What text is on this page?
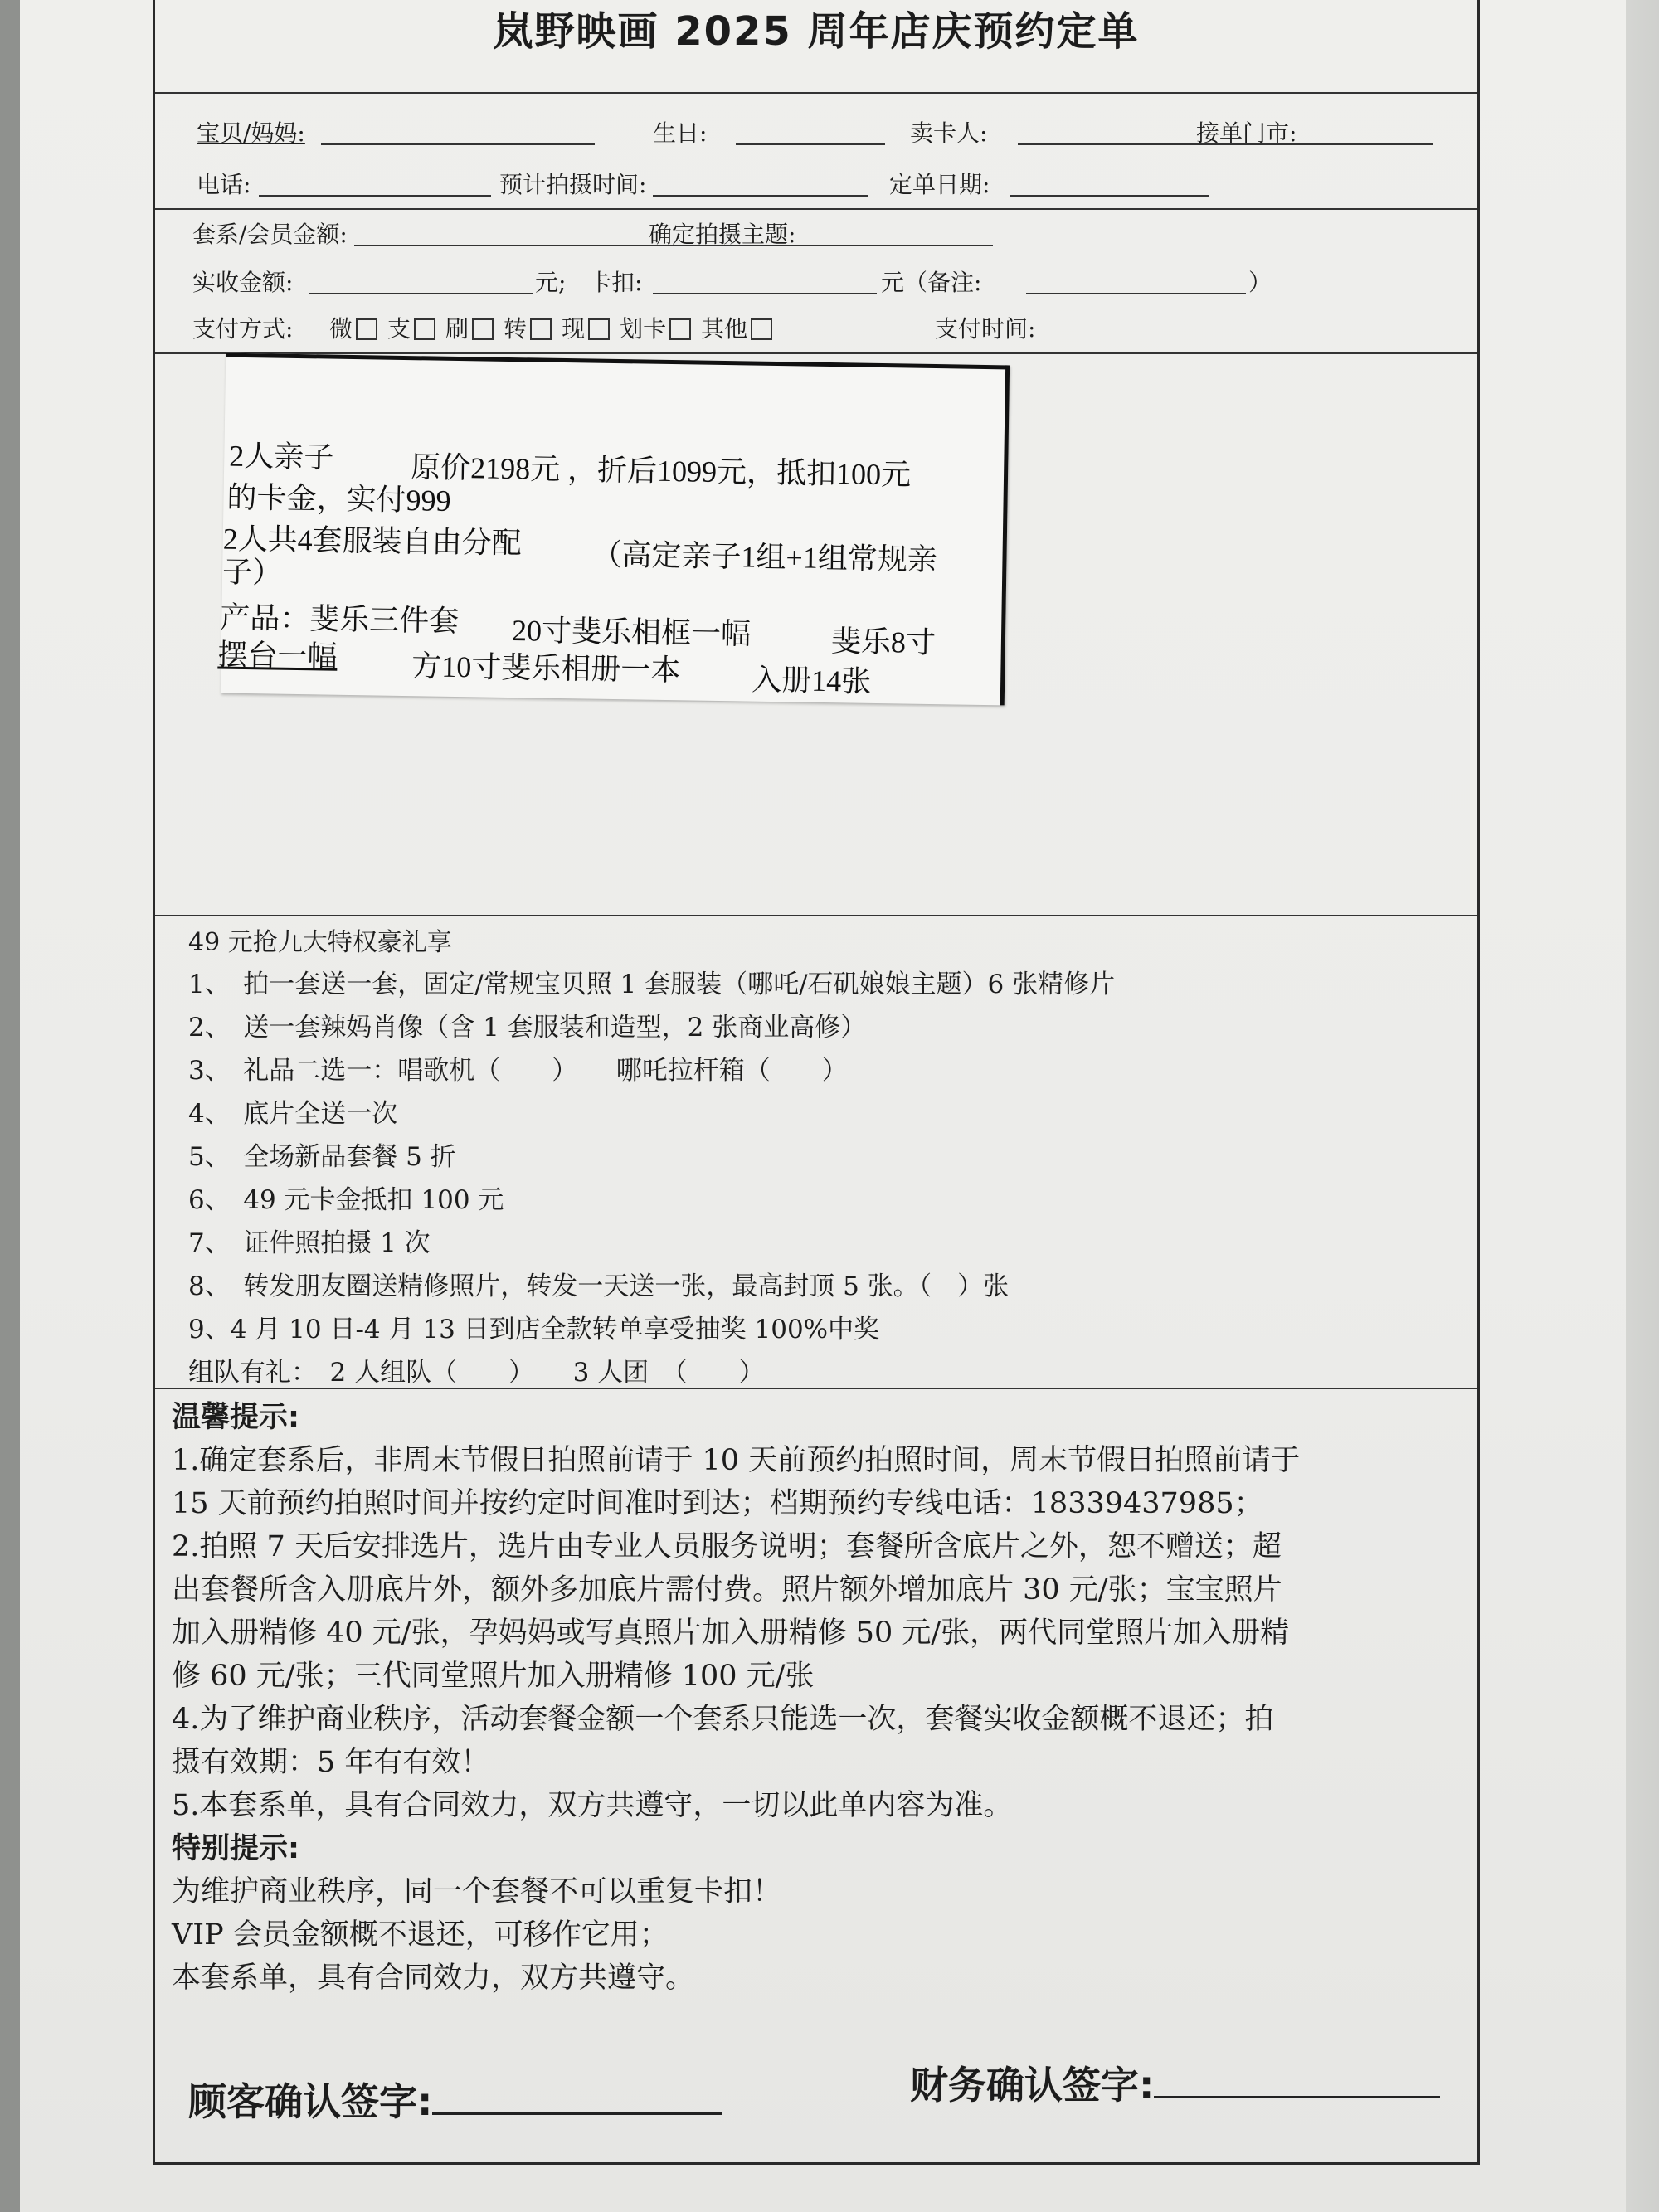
岚野映画 2025 周年店庆预约定单
宝贝/妈妈:	生日:	卖卡人:	接单门市:
电话:	预计拍摄时间:	定单日期:
套系/会员金额:	确定拍摄主题:
实收金额:	元; 卡扣:	元（备注:	）
支付方式: 微 支 刷 转 现 划卡 其他	支付时间:

2人亲子	原价2198元 ，折后1099元，抵扣100元

的卡金，实付999

2人共4套服装自由分配 （高定亲子1组+1组常规亲

子）

产品：斐乐三件套 20寸斐乐相框一幅	斐乐8寸

摆台一幅 方10寸斐乐相册一本 入册14张

49 元抢九大特权豪礼享
1、　拍一套送一套，固定/常规宝贝照 1 套服装（哪吒/石矶娘娘主题）6 张精修片
2、　送一套辣妈肖像（含 1 套服装和造型，2 张商业高修）
3、　礼品二选一：唱歌机（　　）　　哪吒拉杆箱（　　）
4、　底片全送一次
5、　全场新品套餐 5 折
6、　49 元卡金抵扣 100 元
7、　证件照拍摄 1 次
8、　转发朋友圈送精修照片，转发一天送一张，最高封顶 5 张。（　）张
9、4 月 10 日-4 月 13 日到店全款转单享受抽奖 100%中奖
组队有礼：　2 人组队（　　）　　3 人团　（　　）

温馨提示:

1.确定套系后，非周末节假日拍照前请于 10 天前预约拍照时间，周末节假日拍照前请于

15 天前预约拍照时间并按约定时间准时到达；档期预约专线电话：18339437985；

2.拍照 7 天后安排选片，选片由专业人员服务说明；套餐所含底片之外，恕不赠送；超

出套餐所含入册底片外，额外多加底片需付费。照片额外增加底片 30 元/张；宝宝照片

加入册精修 40 元/张，孕妈妈或写真照片加入册精修 50 元/张，两代同堂照片加入册精

修 60 元/张；三代同堂照片加入册精修 100 元/张

4.为了维护商业秩序，活动套餐金额一个套系只能选一次，套餐实收金额概不退还；拍

摄有效期：5 年有有效！

5.本套系单，具有合同效力，双方共遵守，一切以此单内容为准。

特别提示:

为维护商业秩序，同一个套餐不可以重复卡扣！

VIP 会员金额概不退还，可移作它用；

本套系单，具有合同效力，双方共遵守。

顾客确认签字:	财务确认签字:
